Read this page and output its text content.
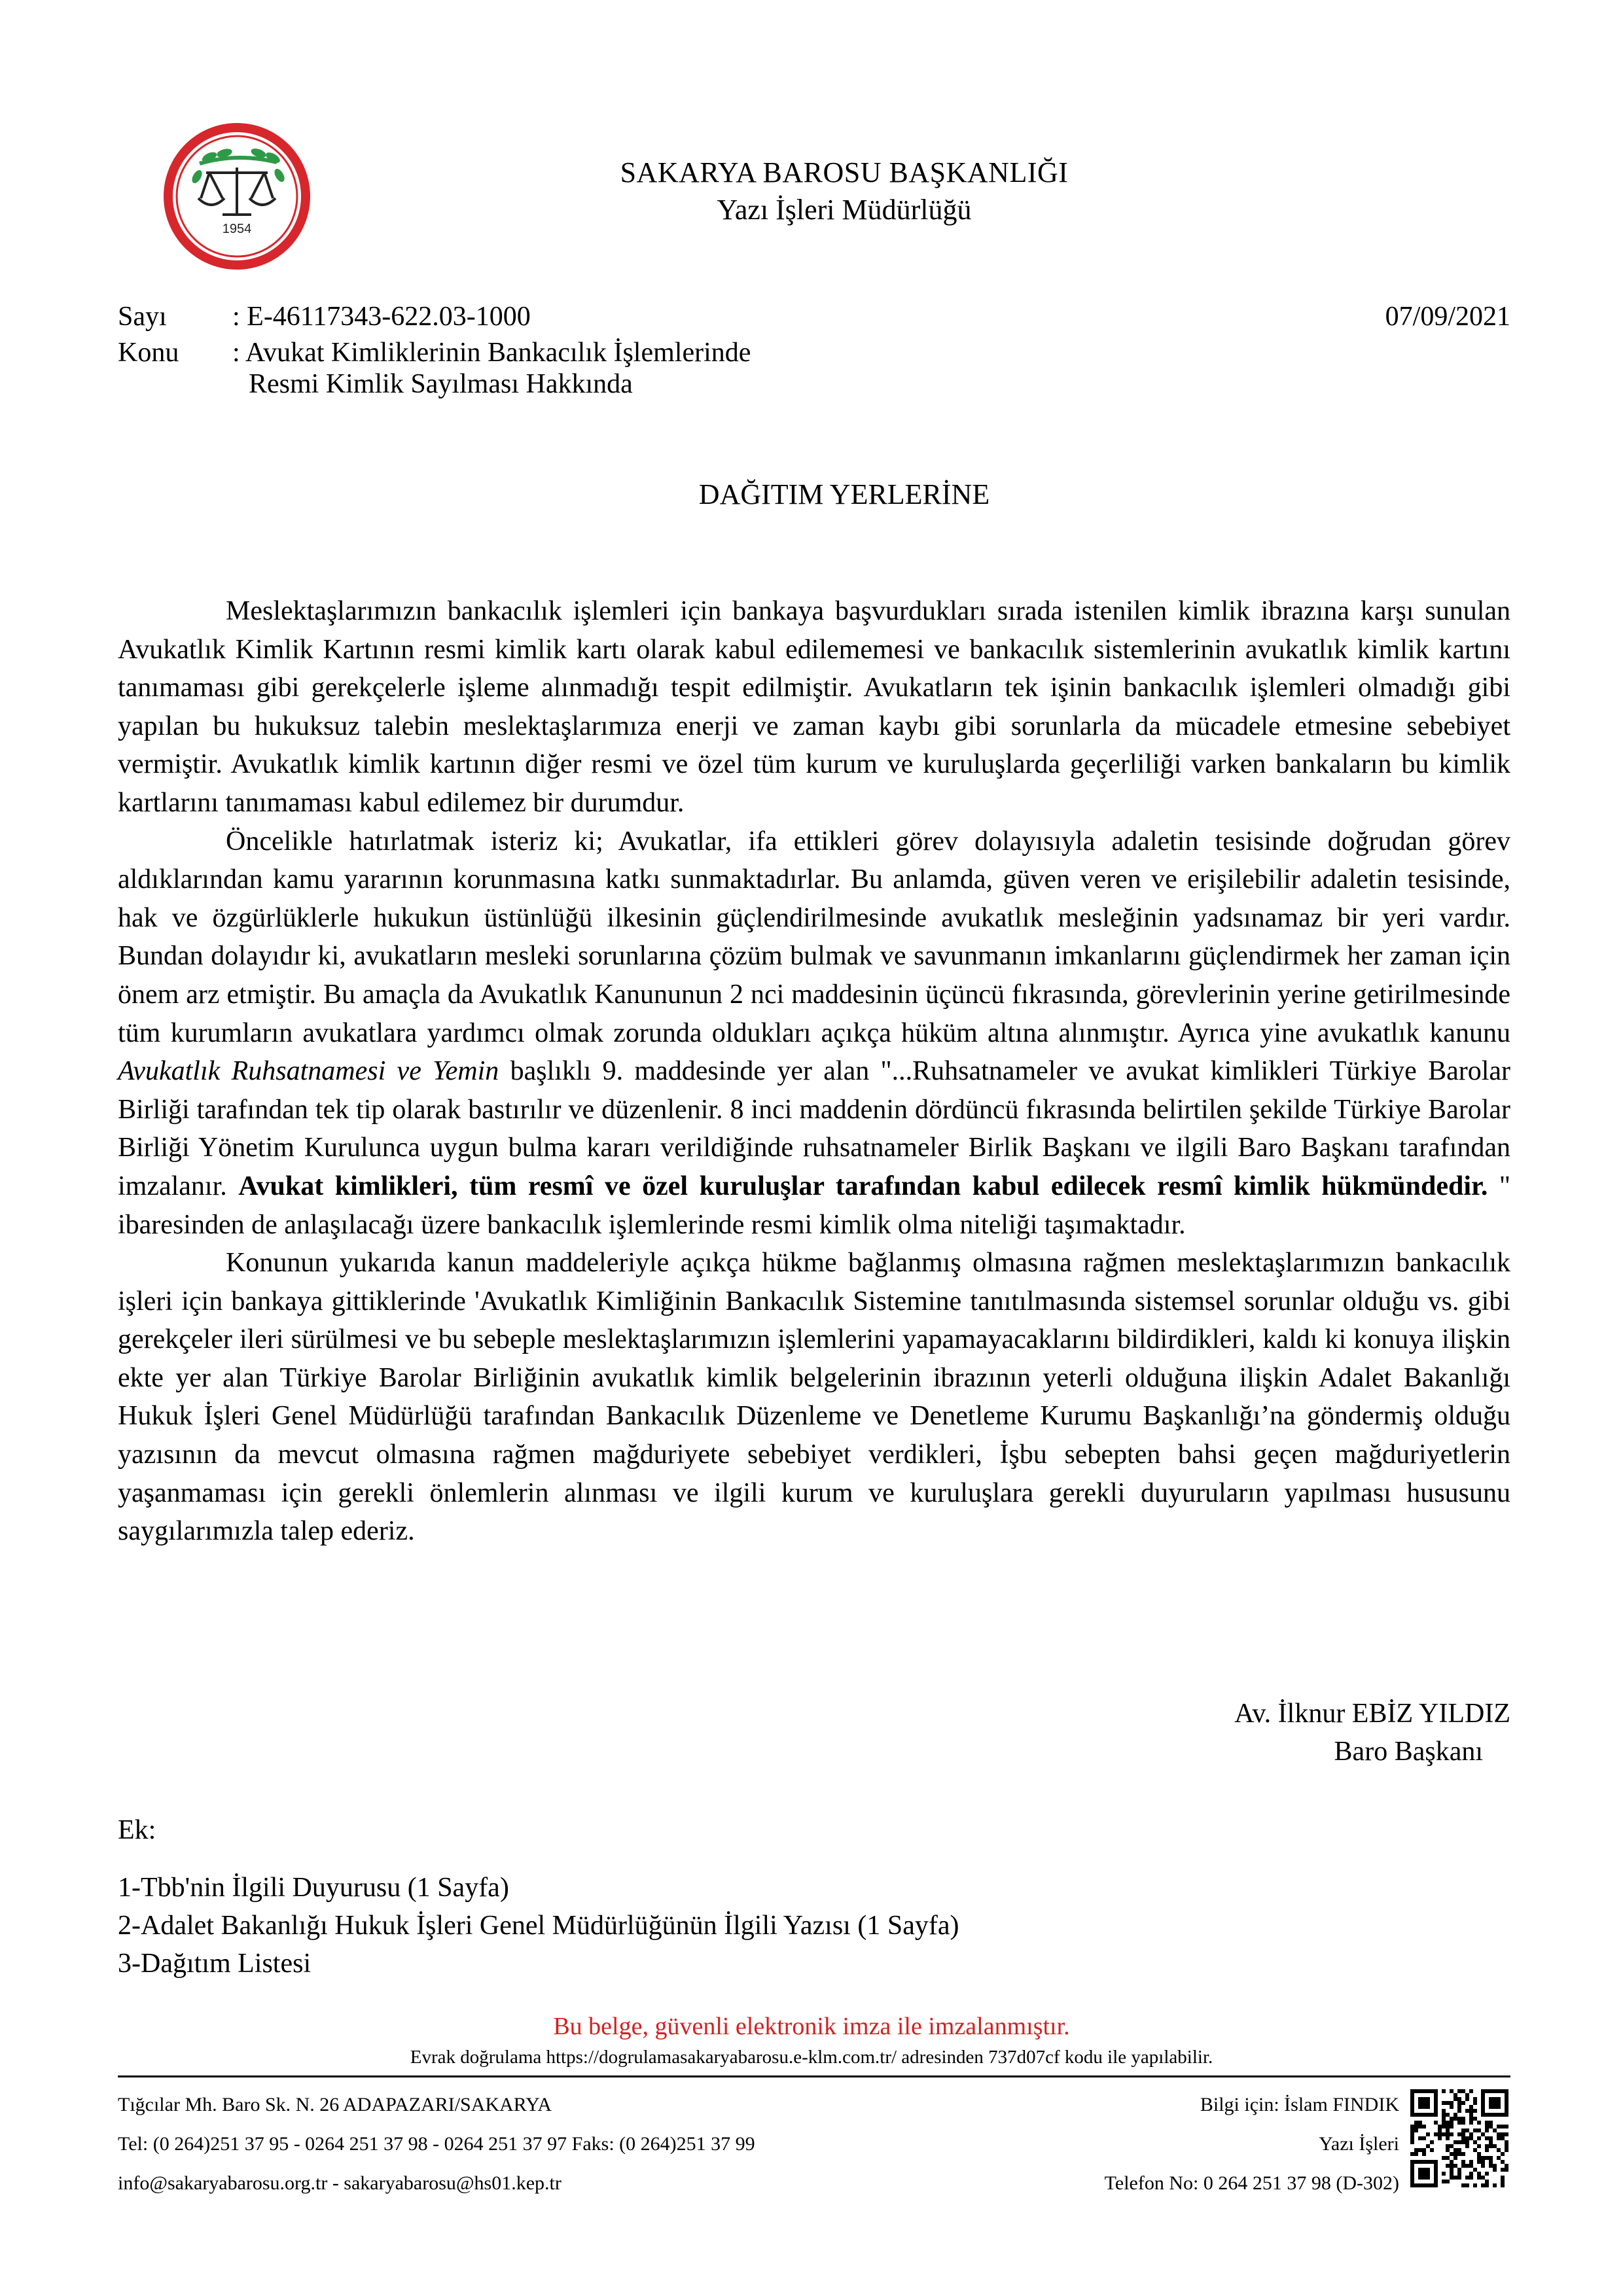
1954
SAKARYA BAROSU
SAKARYA BAROSU BAŞKANLIĞI
Yazı İşleri Müdürlüğü
Sayı : E-46117343-622.03-1000	07/09/2021
Konu : Avukat Kimliklerinin Bankacılık İşlemlerinde
Resmi Kimlik Sayılması Hakkında
DAĞITIM YERLERİNE

Meslektaşlarımızın bankacılık işlemleri için bankaya başvurdukları sırada istenilen kimlik ibrazına karşı sunulan Avukatlık Kimlik Kartının resmi kimlik kartı olarak kabul edilememesi ve bankacılık sistemlerinin avukatlık kimlik kartını tanımaması gibi gerekçelerle işleme alınmadığı tespit edilmiştir. Avukatların tek işinin bankacılık işlemleri olmadığı gibi yapılan bu hukuksuz talebin meslektaşlarımıza enerji ve zaman kaybı gibi sorunlarla da mücadele etmesine sebebiyet vermiştir. Avukatlık kimlik kartının diğer resmi ve özel tüm kurum ve kuruluşlarda geçerliliği varken bankaların bu kimlik kartlarını tanımaması kabul edilemez bir durumdur.

Öncelikle hatırlatmak isteriz ki; Avukatlar, ifa ettikleri görev dolayısıyla adaletin tesisinde doğrudan görev aldıklarından kamu yararının korunmasına katkı sunmaktadırlar. Bu anlamda, güven veren ve erişilebilir adaletin tesisinde, hak ve özgürlüklerle hukukun üstünlüğü ilkesinin güçlendirilmesinde avukatlık mesleğinin yadsınamaz bir yeri vardır. Bundan dolayıdır ki, avukatların mesleki sorunlarına çözüm bulmak ve savunmanın imkanlarını güçlendirmek her zaman için önem arz etmiştir. Bu amaçla da Avukatlık Kanununun 2 nci maddesinin üçüncü fıkrasında, görevlerinin yerine getirilmesinde tüm kurumların avukatlara yardımcı olmak zorunda oldukları açıkça hüküm altına alınmıştır. Ayrıca yine avukatlık kanunu Avukatlık Ruhsatnamesi ve Yemin başlıklı 9. maddesinde yer alan "...Ruhsatnameler ve avukat kimlikleri Türkiye Barolar Birliği tarafından tek tip olarak bastırılır ve düzenlenir. 8 inci maddenin dördüncü fıkrasında belirtilen şekilde Türkiye Barolar Birliği Yönetim Kurulunca uygun bulma kararı verildiğinde ruhsatnameler Birlik Başkanı ve ilgili Baro Başkanı tarafından imzalanır. Avukat kimlikleri, tüm resmî ve özel kuruluşlar tarafından kabul edilecek resmî kimlik hükmündedir. " ibaresinden de anlaşılacağı üzere bankacılık işlemlerinde resmi kimlik olma niteliği taşımaktadır.

Konunun yukarıda kanun maddeleriyle açıkça hükme bağlanmış olmasına rağmen meslektaşlarımızın bankacılık işleri için bankaya gittiklerinde 'Avukatlık Kimliğinin Bankacılık Sistemine tanıtılmasında sistemsel sorunlar olduğu vs. gibi gerekçeler ileri sürülmesi ve bu sebeple meslektaşlarımızın işlemlerini yapamayacaklarını bildirdikleri, kaldı ki konuya ilişkin ekte yer alan Türkiye Barolar Birliğinin avukatlık kimlik belgelerinin ibrazının yeterli olduğuna ilişkin Adalet Bakanlığı Hukuk İşleri Genel Müdürlüğü tarafından Bankacılık Düzenleme ve Denetleme Kurumu Başkanlığı’na göndermiş olduğu yazısının da mevcut olmasına rağmen mağduriyete sebebiyet verdikleri, İşbu sebepten bahsi geçen mağduriyetlerin yaşanmaması için gerekli önlemlerin alınması ve ilgili kurum ve kuruluşlara gerekli duyuruların yapılması hususunu saygılarımızla talep ederiz.

Av. İlknur EBİZ YILDIZ
Baro Başkanı
Ek:
1-Tbb'nin İlgili Duyurusu (1 Sayfa)
2-Adalet Bakanlığı Hukuk İşleri Genel Müdürlüğünün İlgili Yazısı (1 Sayfa)
3-Dağıtım Listesi
Bu belge, güvenli elektronik imza ile imzalanmıştır.
Evrak doğrulama https://dogrulamasakaryabarosu.e-klm.com.tr/ adresinden 737d07cf kodu ile yapılabilir.
Tığcılar Mh. Baro Sk. N. 26 ADAPAZARI/SAKARYA
Tel: (0 264)251 37 95 - 0264 251 37 98 - 0264 251 37 97 Faks: (0 264)251 37 99
info@sakaryabarosu.org.tr - sakaryabarosu@hs01.kep.tr
Bilgi için: İslam FINDIK
Yazı İşleri
Telefon No: 0 264 251 37 98 (D-302)
